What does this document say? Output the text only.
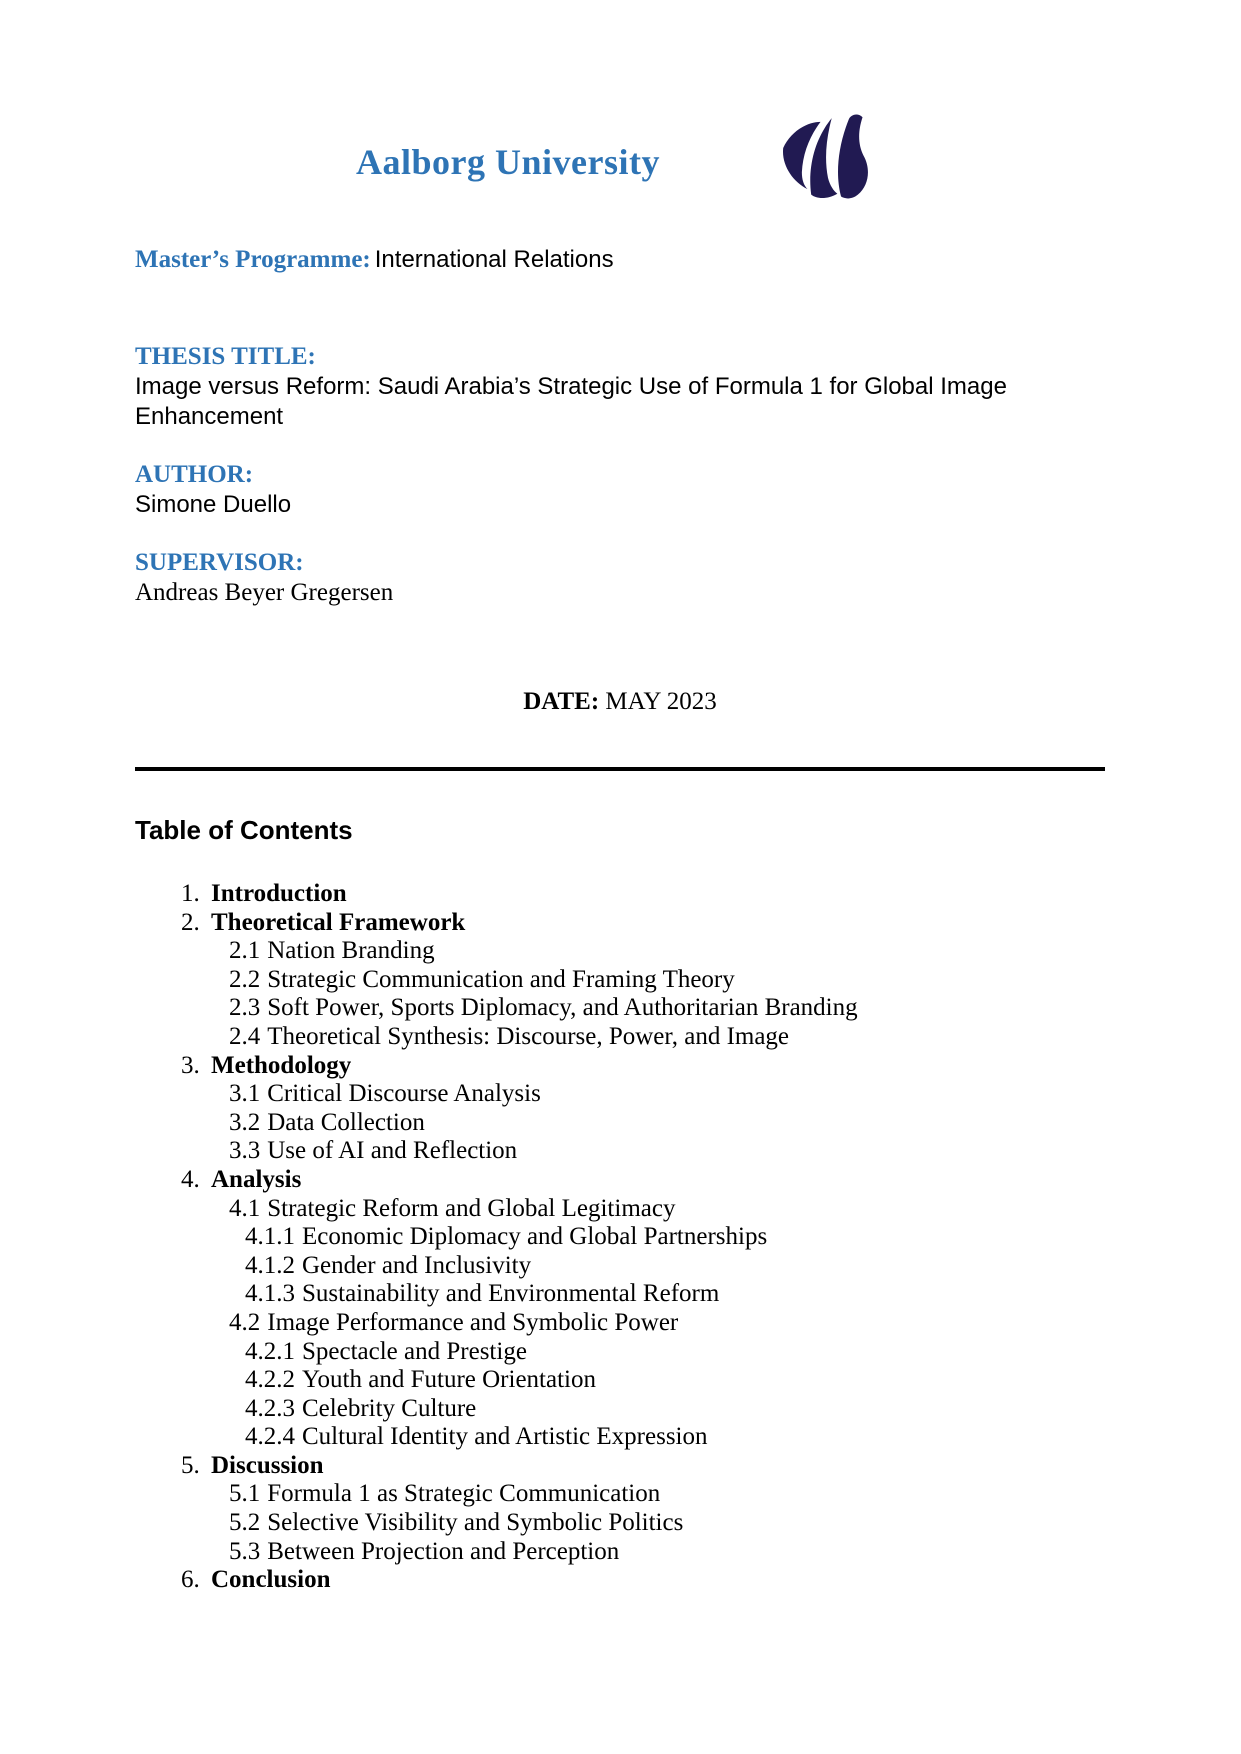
Aalborg University
Master’s Programme: International Relations
THESIS TITLE:
Image versus Reform: Saudi Arabia’s Strategic Use of Formula 1 for Global Image Enhancement
AUTHOR:
Simone Duello
SUPERVISOR:
Andreas Beyer Gregersen
DATE: MAY 2023
Table of Contents
1. Introduction
2. Theoretical Framework
2.1 Nation Branding
2.2 Strategic Communication and Framing Theory
2.3 Soft Power, Sports Diplomacy, and Authoritarian Branding
2.4 Theoretical Synthesis: Discourse, Power, and Image
3. Methodology
3.1 Critical Discourse Analysis
3.2 Data Collection
3.3 Use of AI and Reflection
4. Analysis
4.1 Strategic Reform and Global Legitimacy
4.1.1 Economic Diplomacy and Global Partnerships
4.1.2 Gender and Inclusivity
4.1.3 Sustainability and Environmental Reform
4.2 Image Performance and Symbolic Power
4.2.1 Spectacle and Prestige
4.2.2 Youth and Future Orientation
4.2.3 Celebrity Culture
4.2.4 Cultural Identity and Artistic Expression
5. Discussion
5.1 Formula 1 as Strategic Communication
5.2 Selective Visibility and Symbolic Politics
5.3 Between Projection and Perception
6. Conclusion
